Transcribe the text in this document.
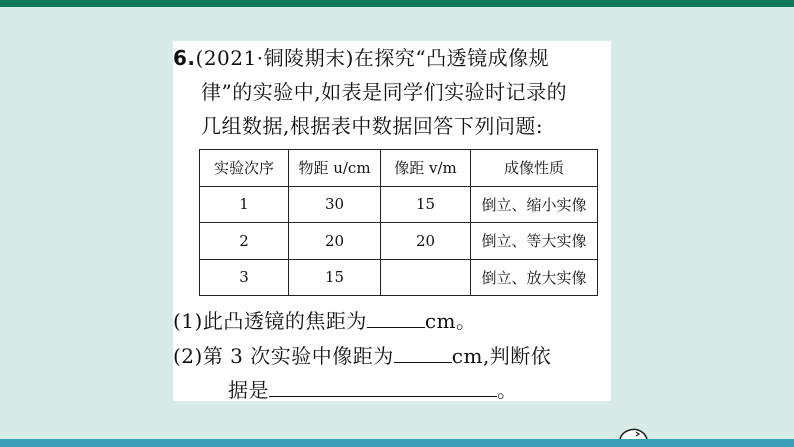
6.(2021·铜陵期末)在探究“凸透镜成像规
律”的实验中,如表是同学们实验时记录的
几组数据,根据表中数据回答下列问题:
实验次序	物距 u/cm	像距 v/m	成像性质
1	30	15	倒立、缩小实像
2	20	20	倒立、等大实像
3	15		倒立、放大实像
(1)此凸透镜的焦距为	cm。
(2)第 3 次实验中像距为	cm,判断依
据是	。
